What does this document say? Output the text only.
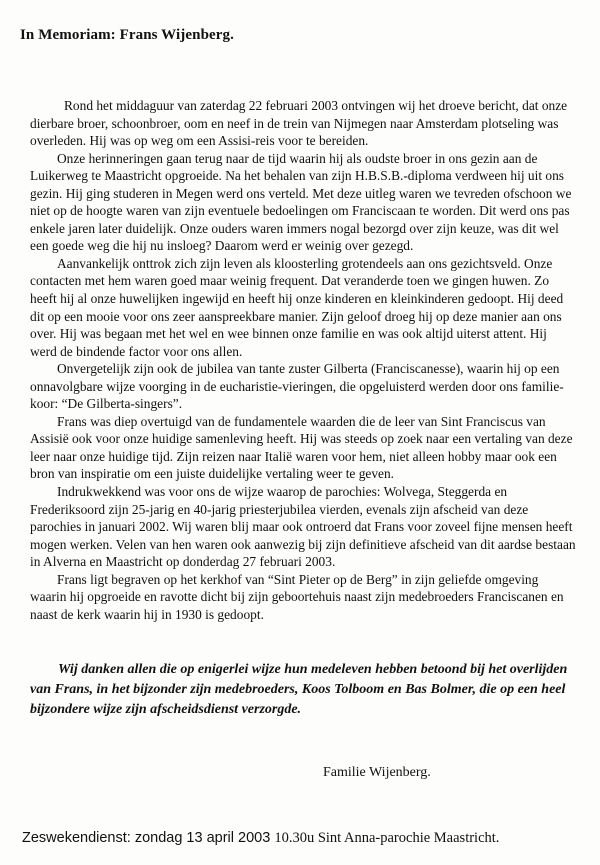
In Memoriam: Frans Wijenberg.

Rond het middaguur van zaterdag 22 februari 2003 ontvingen wij het droeve bericht, dat onze dierbare broer, schoonbroer, oom en neef in de trein van Nijmegen naar Amsterdam plotseling was overleden. Hij was op weg om een Assisi-reis voor te bereiden.

Onze herinneringen gaan terug naar de tijd waarin hij als oudste broer in ons gezin aan de Luikerweg te Maastricht opgroeide. Na het behalen van zijn H.B.S.B.-diploma verdween hij uit ons gezin. Hij ging studeren in Megen werd ons verteld. Met deze uitleg waren we tevreden ofschoon we niet op de hoogte waren van zijn eventuele bedoelingen om Franciscaan te worden. Dit werd ons pas enkele jaren later duidelijk. Onze ouders waren immers nogal bezorgd over zijn keuze, was dit wel een goede weg die hij nu insloeg? Daarom werd er weinig over gezegd.

Aanvankelijk onttrok zich zijn leven als kloosterling grotendeels aan ons gezichtsveld. Onze contacten met hem waren goed maar weinig frequent. Dat veranderde toen we gingen huwen. Zo heeft hij al onze huwelijken ingewijd en heeft hij onze kinderen en kleinkinderen gedoopt. Hij deed dit op een mooie voor ons zeer aanspreekbare manier. Zijn geloof droeg hij op deze manier aan ons over. Hij was begaan met het wel en wee binnen onze familie en was ook altijd uiterst attent. Hij werd de bindende factor voor ons allen.

Onvergetelijk zijn ook de jubilea van tante zuster Gilberta (Franciscanesse), waarin hij op een onnavolgbare wijze voorging in de eucharistie-vieringen, die opgeluisterd werden door ons familie-koor: “De Gilberta-singers”.

Frans was diep overtuigd van de fundamentele waarden die de leer van Sint Franciscus van Assisië ook voor onze huidige samenleving heeft. Hij was steeds op zoek naar een vertaling van deze leer naar onze huidige tijd. Zijn reizen naar Italië waren voor hem, niet alleen hobby maar ook een bron van inspiratie om een juiste duidelijke vertaling weer te geven.

Indrukwekkend was voor ons de wijze waarop de parochies: Wolvega, Steggerda en Frederiksoord zijn 25-jarig en 40-jarig priesterjubilea vierden, evenals zijn afscheid van deze parochies in januari 2002. Wij waren blij maar ook ontroerd dat Frans voor zoveel fijne mensen heeft mogen werken. Velen van hen waren ook aanwezig bij zijn definitieve afscheid van dit aardse bestaan in Alverna en Maastricht op donderdag 27 februari 2003.

Frans ligt begraven op het kerkhof van “Sint Pieter op de Berg” in zijn geliefde omgeving waarin hij opgroeide en ravotte dicht bij zijn geboortehuis naast zijn medebroeders Franciscanen en naast de kerk waarin hij in 1930 is gedoopt.

Wij danken allen die op enigerlei wijze hun medeleven hebben betoond bij het overlijden van Frans, in het bijzonder zijn medebroeders, Koos Tolboom en Bas Bolmer, die op een heel bijzondere wijze zijn afscheidsdienst verzorgde.
Familie Wijenberg.
Zeswekendienst: zondag 13 april 2003 10.30u Sint Anna-parochie Maastricht.
